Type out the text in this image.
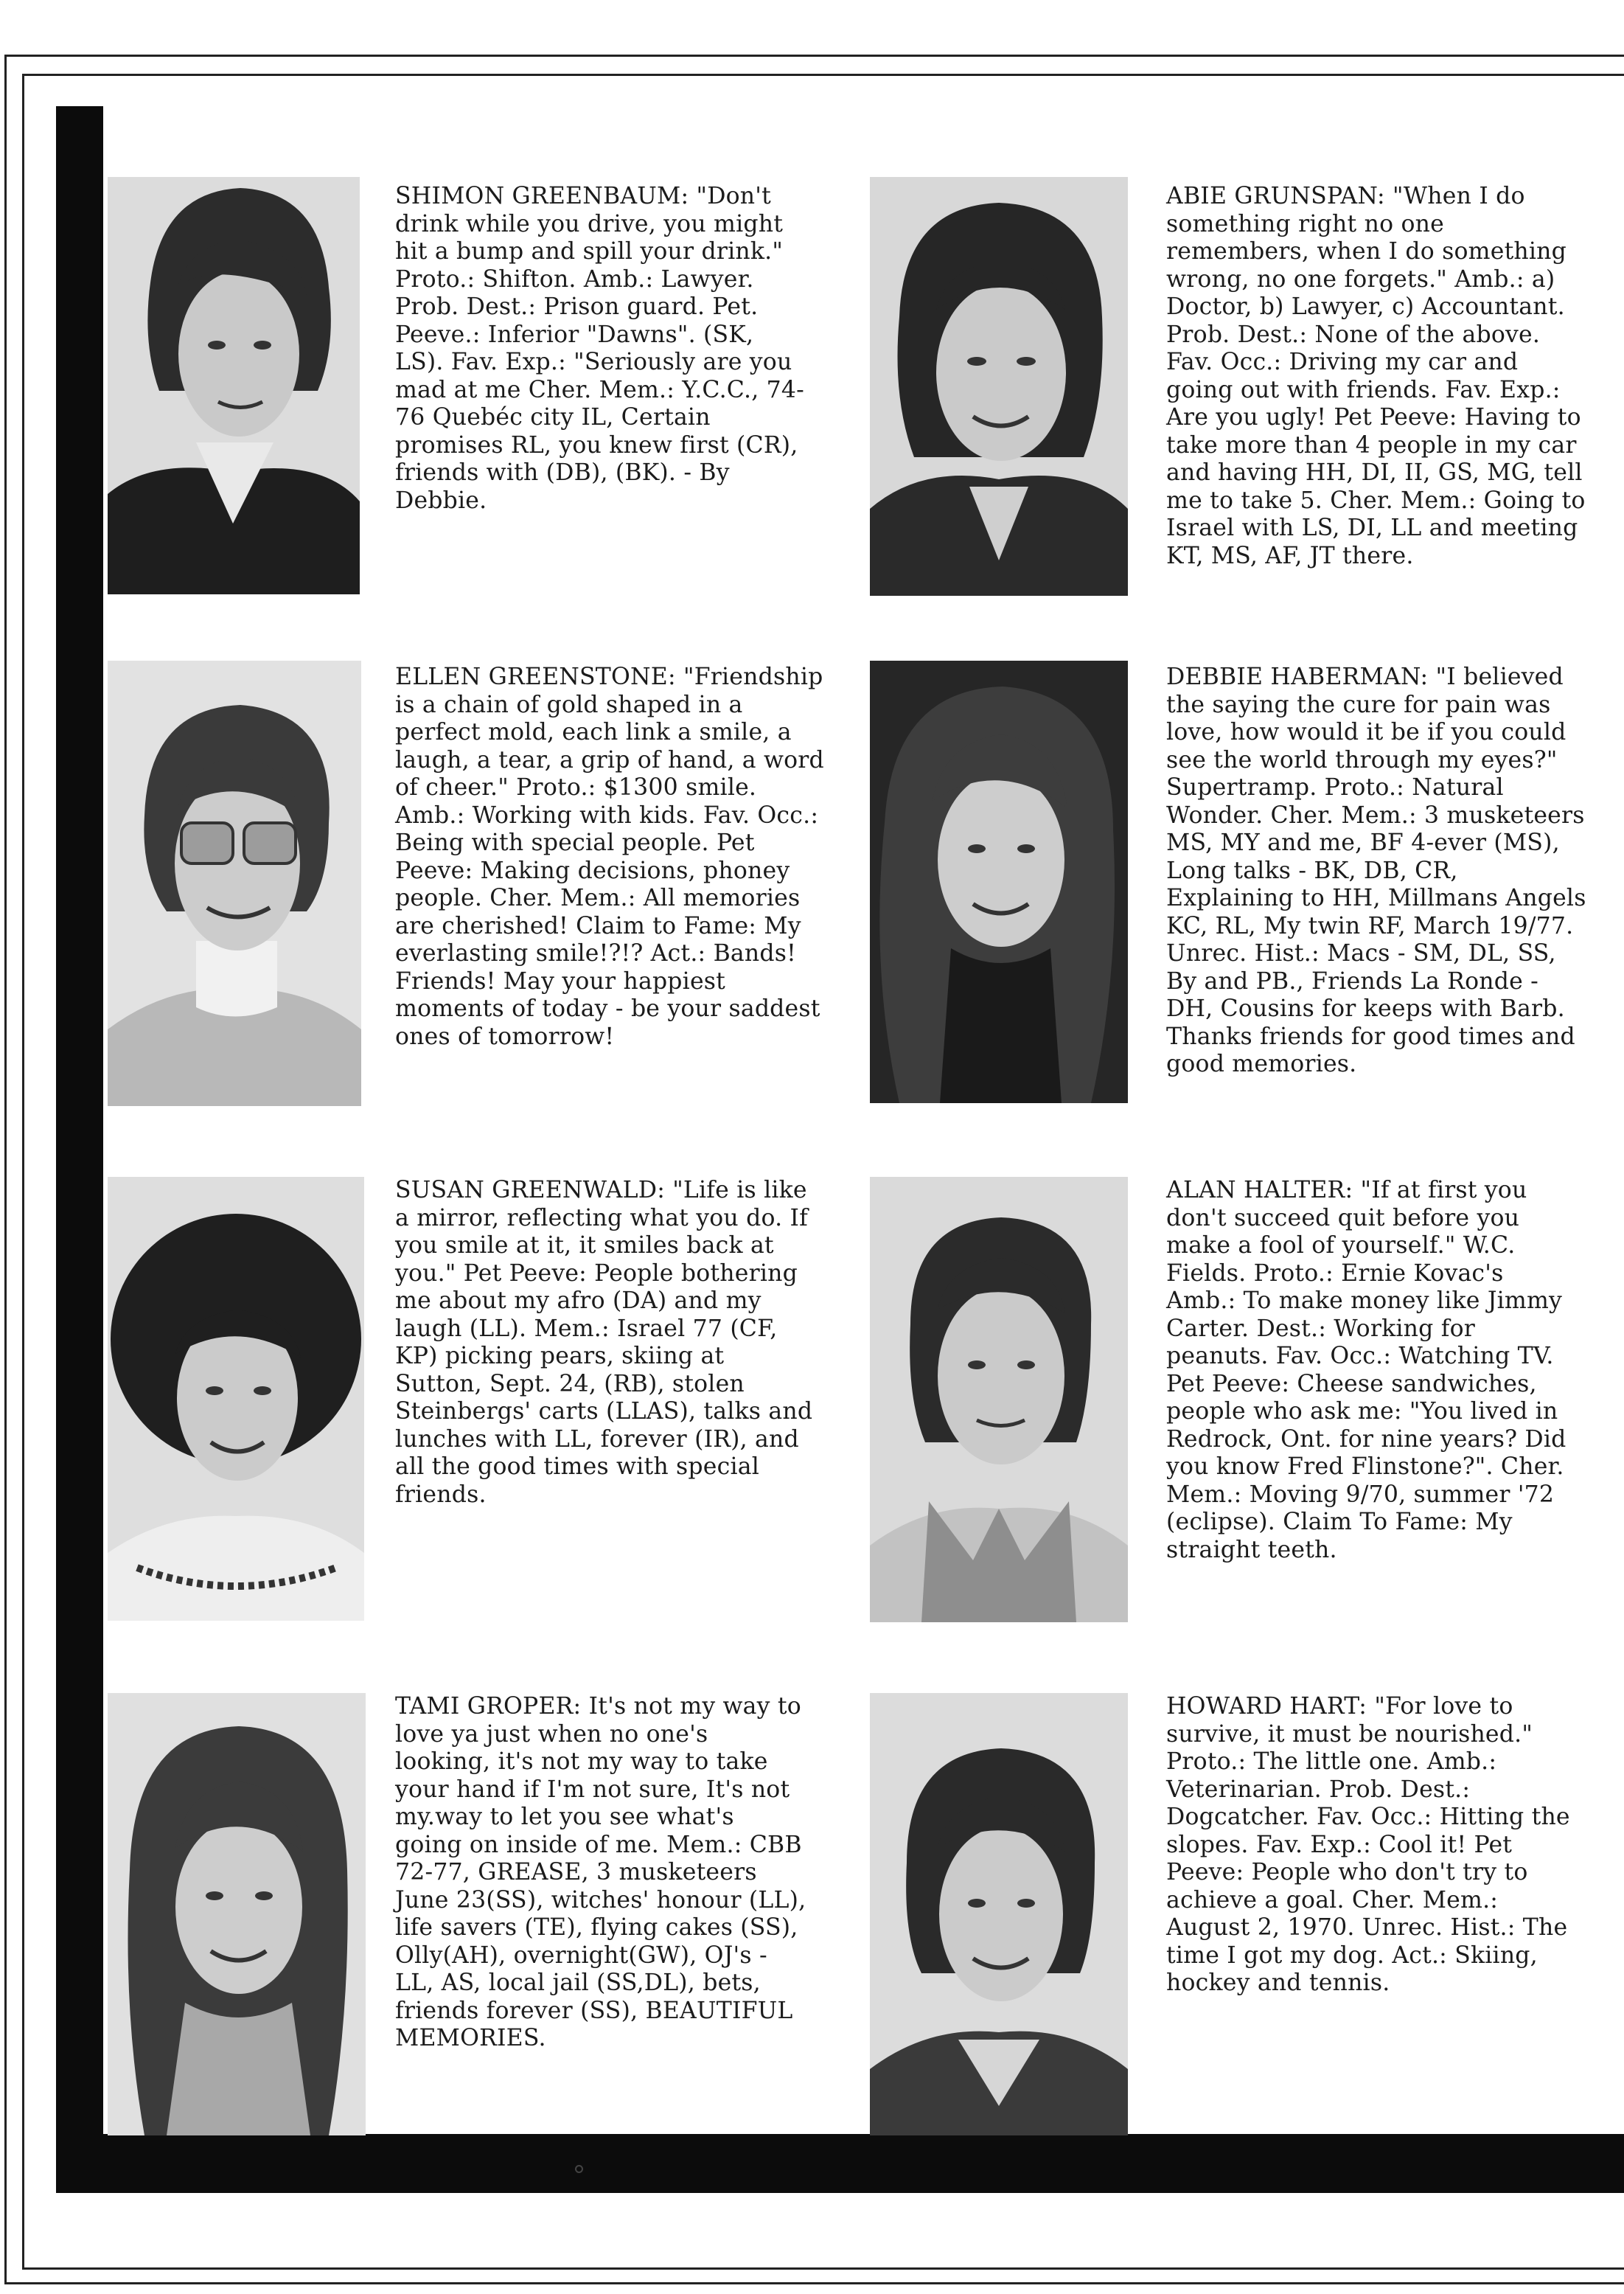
SHIMON GREENBAUM: "Don't drink while you drive, you might hit a bump and spill your drink." Proto.: Shifton. Amb.: Lawyer. Prob. Dest.: Prison guard. Pet. Peeve.: Inferior "Dawns". (SK, LS). Fav. Exp.: "Seriously are you mad at me Cher. Mem.: Y.C.C., 74-76 Quebéc city IL, Certain promises RL, you knew first (CR), friends with (DB), (BK). - By Debbie.

ABIE GRUNSPAN: "When I do something right no one remembers, when I do something wrong, no one forgets." Amb.: a) Doctor, b) Lawyer, c) Accountant. Prob. Dest.: None of the above. Fav. Occ.: Driving my car and going out with friends. Fav. Exp.: Are you ugly! Pet Peeve: Having to take more than 4 people in my car and having HH, DI, II, GS, MG, tell me to take 5. Cher. Mem.: Going to Israel with LS, DI, LL and meeting KT, MS, AF, JT there.

ELLEN GREENSTONE: "Friendship is a chain of gold shaped in a perfect mold, each link a smile, a laugh, a tear, a grip of hand, a word of cheer." Proto.: $1300 smile. Amb.: Working with kids. Fav. Occ.: Being with special people. Pet Peeve: Making decisions, phoney people. Cher. Mem.: All memories are cherished! Claim to Fame: My everlasting smile!?!? Act.: Bands! Friends! May your happiest moments of today - be your saddest ones of tomorrow!

DEBBIE HABERMAN: "I believed the saying the cure for pain was love, how would it be if you could see the world through my eyes?" Supertramp. Proto.: Natural Wonder. Cher. Mem.: 3 musketeers MS, MY and me, BF 4-ever (MS), Long talks - BK, DB, CR, Explaining to HH, Millmans Angels KC, RL, My twin RF, March 19/77. Unrec. Hist.: Macs - SM, DL, SS, By and PB., Friends La Ronde - DH, Cousins for keeps with Barb. Thanks friends for good times and good memories.

SUSAN GREENWALD: "Life is like a mirror, reflecting what you do. If you smile at it, it smiles back at you." Pet Peeve: People bothering me about my afro (DA) and my laugh (LL). Mem.: Israel 77 (CF, KP) picking pears, skiing at Sutton, Sept. 24, (RB), stolen Steinbergs' carts (LLAS), talks and lunches with LL, forever (IR), and all the good times with special friends.

ALAN HALTER: "If at first you don't succeed quit before you make a fool of yourself." W.C. Fields. Proto.: Ernie Kovac's Amb.: To make money like Jimmy Carter. Dest.: Working for peanuts. Fav. Occ.: Watching TV. Pet Peeve: Cheese sandwiches, people who ask me: "You lived in Redrock, Ont. for nine years? Did you know Fred Flinstone?". Cher. Mem.: Moving 9/70, summer '72 (eclipse). Claim To Fame: My straight teeth.

TAMI GROPER: It's not my way to love ya just when no one's looking, it's not my way to take your hand if I'm not sure, It's not my.way to let you see what's going on inside of me. Mem.: CBB 72-77, GREASE, 3 musketeers June 23(SS), witches' honour (LL), life savers (TE), flying cakes (SS), Olly(AH), overnight(GW), OJ's - LL, AS, local jail (SS,DL), bets, friends forever (SS), BEAUTIFUL MEMORIES.

HOWARD HART: "For love to survive, it must be nourished." Proto.: The little one. Amb.: Veterinarian. Prob. Dest.: Dogcatcher. Fav. Occ.: Hitting the slopes. Fav. Exp.: Cool it! Pet Peeve: People who don't try to achieve a goal. Cher. Mem.: August 2, 1970. Unrec. Hist.: The time I got my dog. Act.: Skiing, hockey and tennis.
